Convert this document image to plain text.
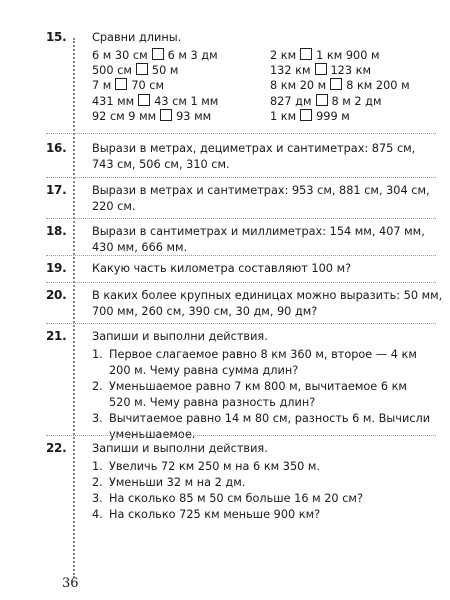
15. Сравни длины.
6 м 30 см 6 м 3 дм
500 см 50 м
7 м 70 см
431 мм 43 см 1 мм
92 см 9 мм 93 мм
2 км 1 км 900 м
132 км 123 км
8 км 20 м 8 км 200 м
827 дм 8 м 2 дм
1 км 999 м
16. Вырази в метрах, дециметрах и сантиметрах: 875 см,
743 см, 506 см, 310 см.
17. Вырази в метрах и сантиметрах: 953 см, 881 см, 304 см,
220 см.
18. Вырази в сантиметрах и миллиметрах: 154 мм, 407 мм,
430 мм, 666 мм.
19. Какую часть километра составляют 100 м?
20. В каких более крупных единицах можно выразить: 50 мм,
700 мм, 260 см, 390 см, 30 дм, 90 дм?
21. Запиши и выполни действия.
1. Первое слагаемое равно 8 км 360 м, второе — 4 км
200 м. Чему равна сумма длин?
2. Уменьшаемое равно 7 км 800 м, вычитаемое 6 км
520 м. Чему равна разность длин?
3. Вычитаемое равно 14 м 80 см, разность 6 м. Вычисли
уменьшаемое.
22. Запиши и выполни действия.
1. Увеличь 72 км 250 м на 6 км 350 м.
2. Уменьши 32 м на 2 дм.
3. На сколько 85 м 50 см больше 16 м 20 см?
4. На сколько 725 км меньше 900 км?
36
